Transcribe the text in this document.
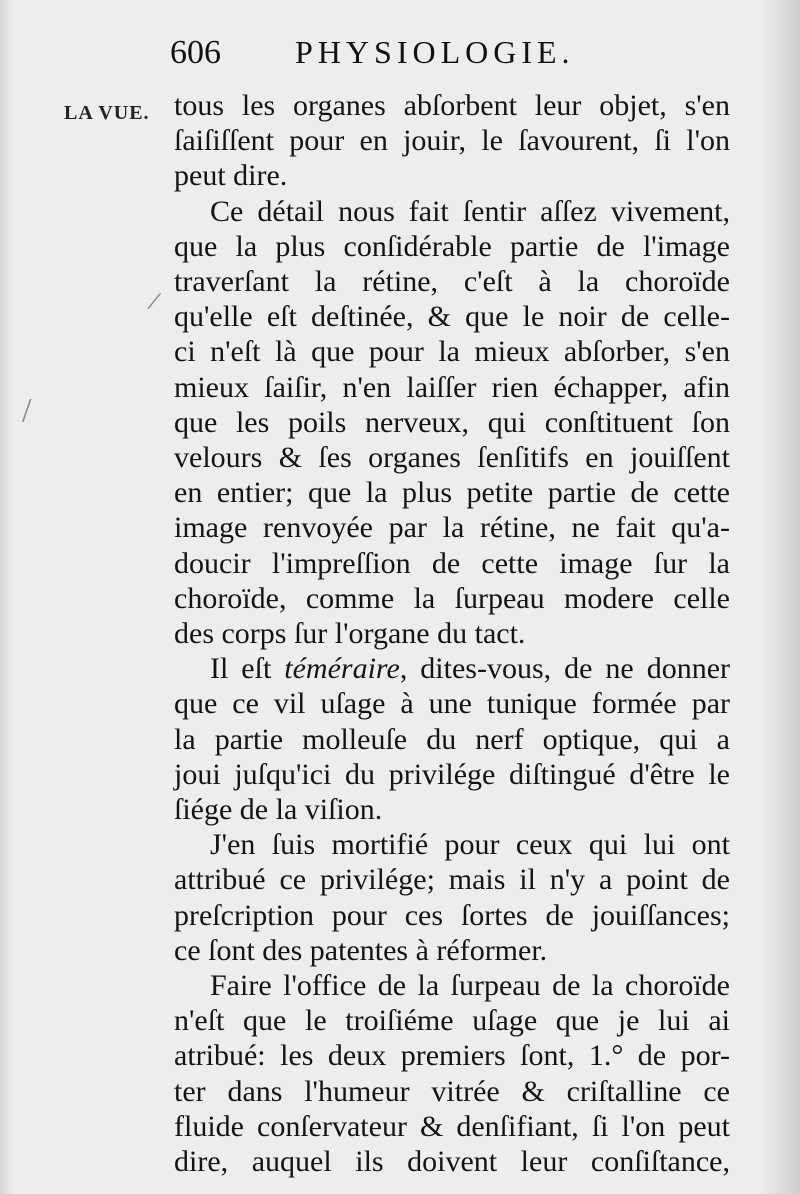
606 PHYSIOLOGIE.
LA VUE. tous les organes abſorbent leur objet, s'en
ſaiſiſſent pour en jouir, le ſavourent, ſi l'on
peut dire.
Ce détail nous fait ſentir aſſez vivement,
que la plus conſidérable partie de l'image
traverſant la rétine, c'eſt à la choroïde
qu'elle eſt deſtinée, & que le noir de celle-
ci n'eſt là que pour la mieux abſorber, s'en
mieux ſaiſir, n'en laiſſer rien échapper, afin
que les poils nerveux, qui conſtituent ſon
velours & ſes organes ſenſitifs en jouiſſent
en entier; que la plus petite partie de cette
image renvoyée par la rétine, ne fait qu'a-
doucir l'impreſſion de cette image ſur la
choroïde, comme la ſurpeau modere celle
des corps ſur l'organe du tact.
Il eſt téméraire, dites-vous, de ne donner
que ce vil uſage à une tunique formée par
la partie molleuſe du nerf optique, qui a
joui juſqu'ici du privilége diſtingué d'être le
ſiége de la viſion.
J'en ſuis mortifié pour ceux qui lui ont
attribué ce privilége; mais il n'y a point de
preſcription pour ces ſortes de jouiſſances;
ce ſont des patentes à réformer.
Faire l'office de la ſurpeau de la choroïde
n'eſt que le troiſiéme uſage que je lui ai
atribué: les deux premiers ſont, 1.° de por-
ter dans l'humeur vitrée & criſtalline ce
fluide conſervateur & denſifiant, ſi l'on peut
dire, auquel ils doivent leur conſiſtance,
/
/
